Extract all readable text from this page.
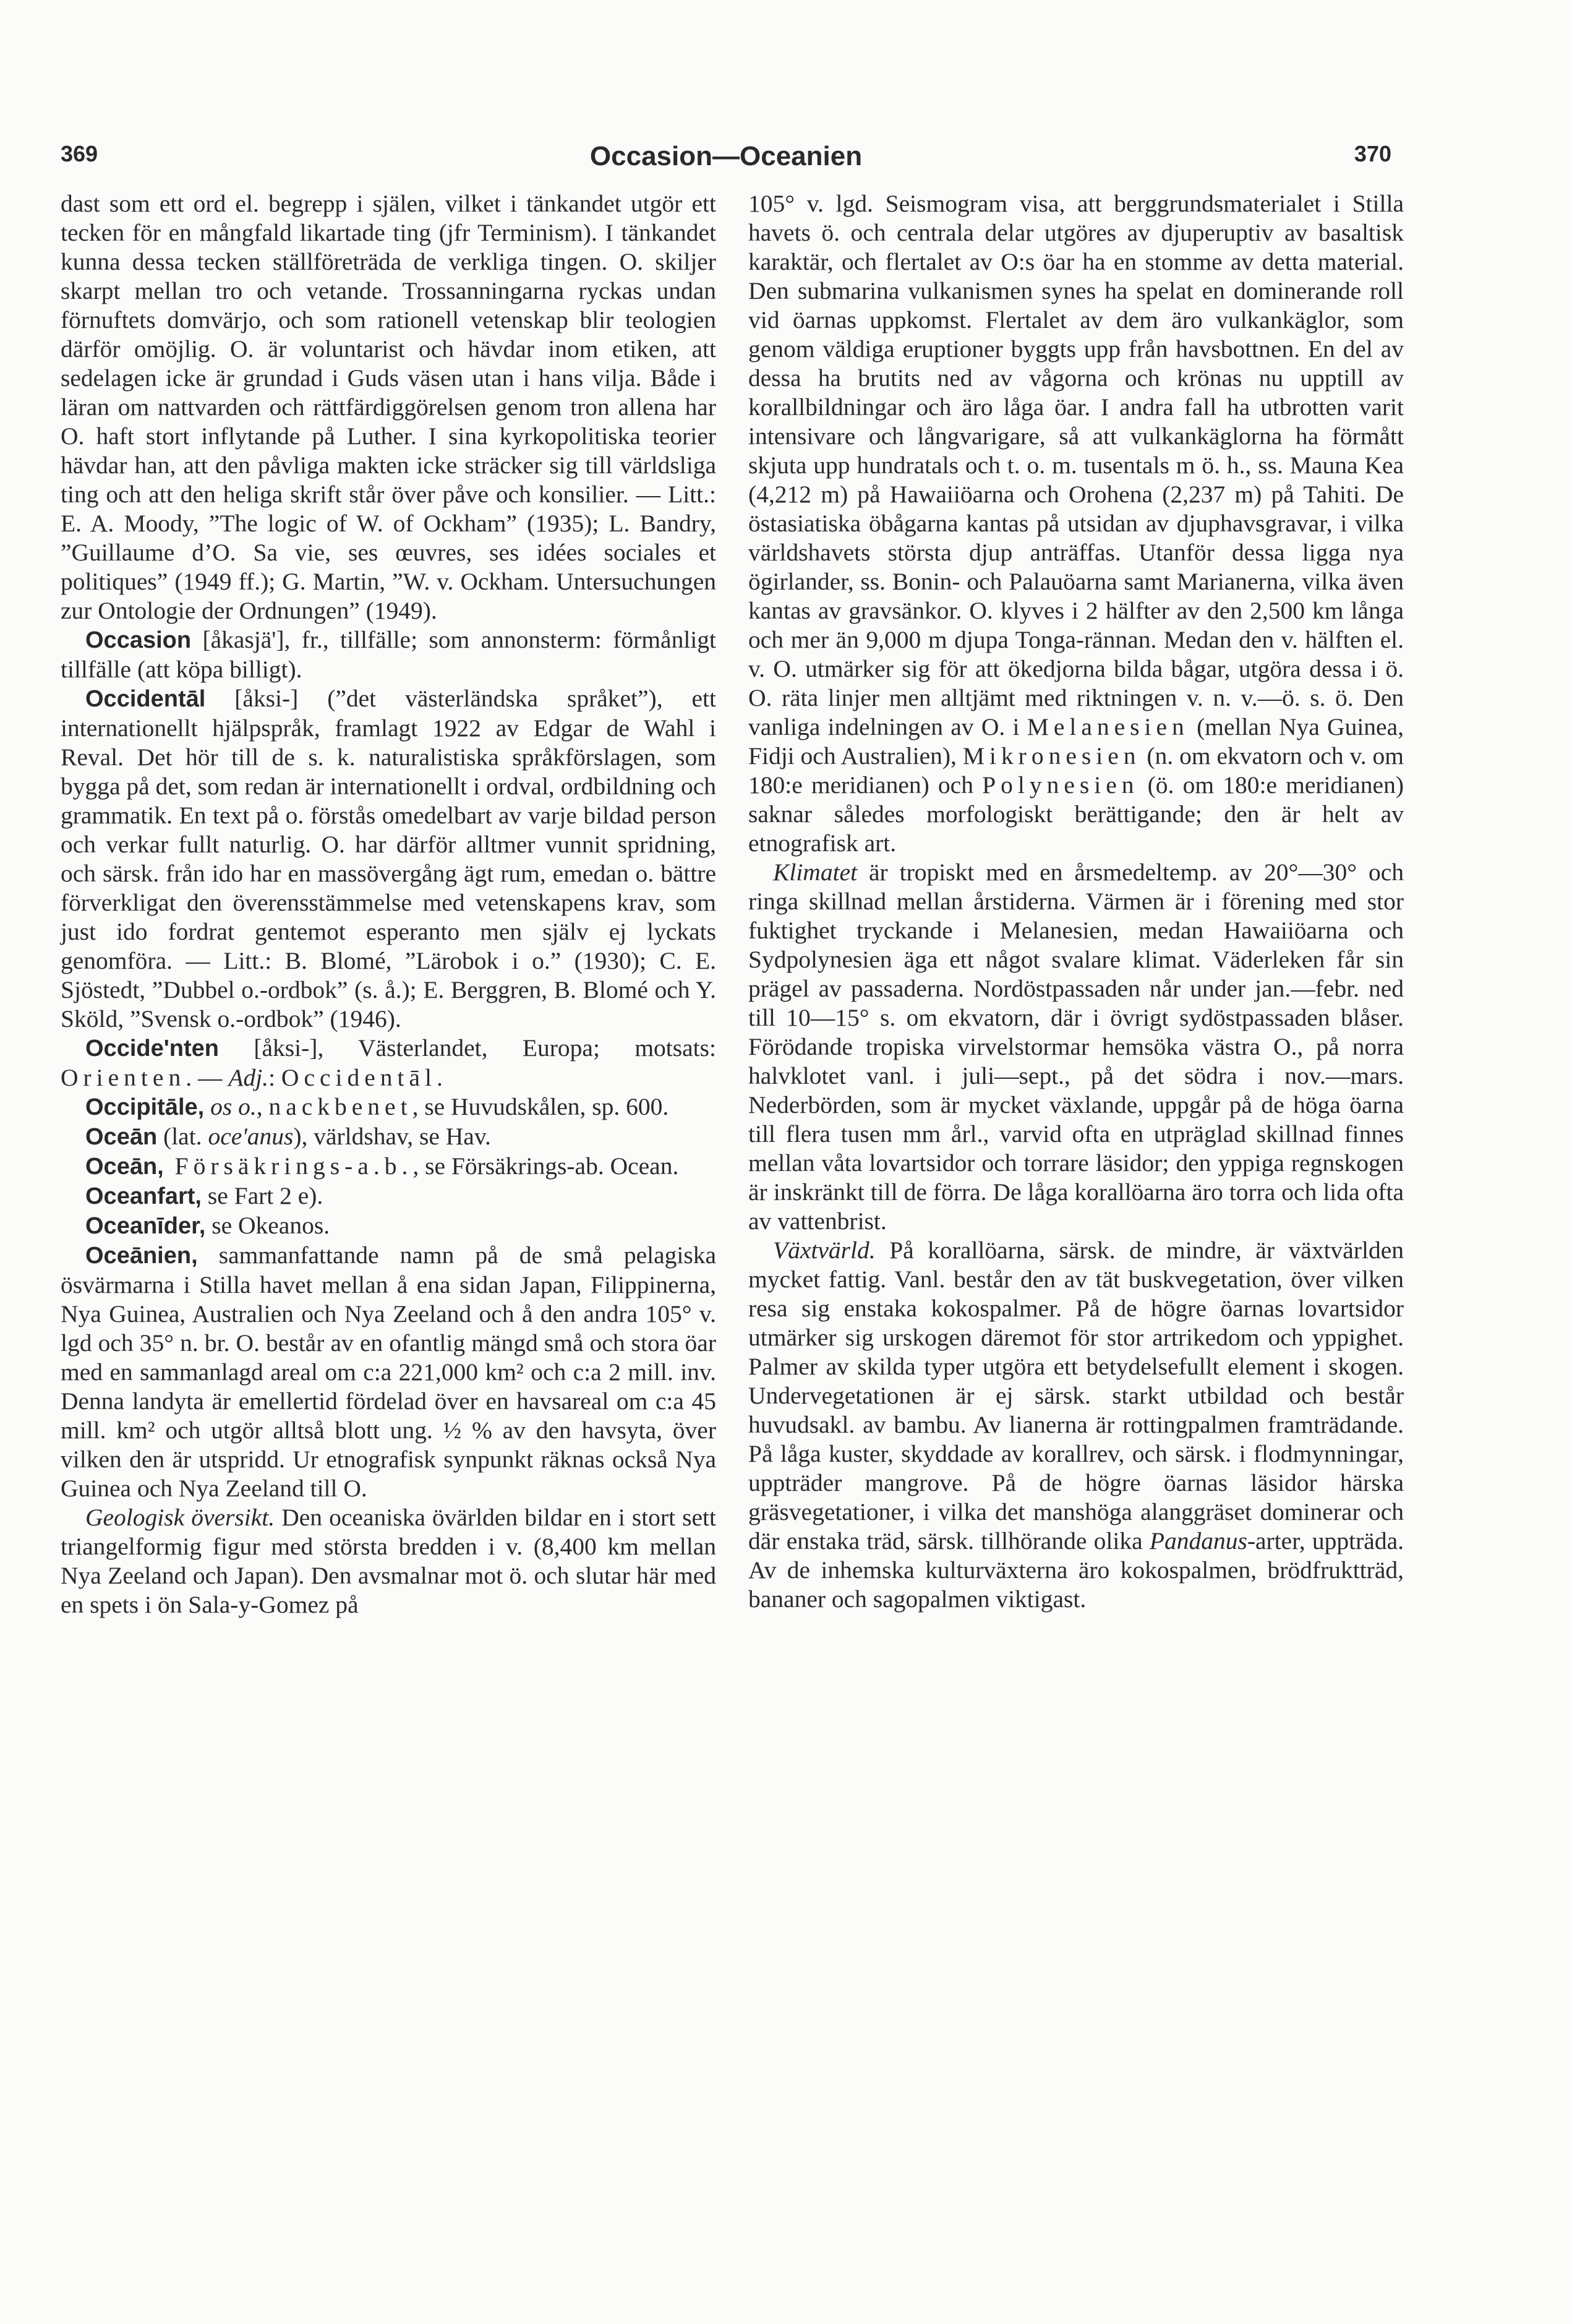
369	Occasion—Oceanien	370

dast som ett ord el. begrepp i själen, vilket i tänkandet utgör ett tecken för en mångfald likartade ting (jfr Terminism). I tänkandet kunna dessa tecken ställföreträda de verkliga tingen. O. skiljer skarpt mellan tro och vetande. Trossanningarna ryckas undan förnuftets domvärjo, och som rationell vetenskap blir teologien därför omöjlig. O. är voluntarist och hävdar inom etiken, att sedelagen icke är grundad i Guds väsen utan i hans vilja. Både i läran om nattvarden och rättfärdiggörelsen genom tron allena har O. haft stort inflytande på Luther. I sina kyrkopolitiska teorier hävdar han, att den påvliga makten icke sträcker sig till världsliga ting och att den heliga skrift står över påve och konsilier. — Litt.: E. A. Moody, ”The logic of W. of Ockham” (1935); L. Bandry, ”Guillaume d’O. Sa vie, ses œuvres, ses idées sociales et politiques” (1949 ff.); G. Martin, ”W. v. Ockham. Untersuchungen zur Ontologie der Ordnungen” (1949).

Occasion [åkasjä'], fr., tillfälle; som annonsterm: förmånligt tillfälle (att köpa billigt).

Occidentāl [åksi-] (”det västerländska språket”), ett internationellt hjälpspråk, framlagt 1922 av Edgar de Wahl i Reval. Det hör till de s. k. naturalistiska språkförslagen, som bygga på det, som redan är internationellt i ordval, ordbildning och grammatik. En text på o. förstås omedelbart av varje bildad person och verkar fullt naturlig. O. har därför alltmer vunnit spridning, och särsk. från ido har en massövergång ägt rum, emedan o. bättre förverkligat den överensstämmelse med vetenskapens krav, som just ido fordrat gentemot esperanto men själv ej lyckats genomföra. — Litt.: B. Blomé, ”Lärobok i o.” (1930); C. E. Sjöstedt, ”Dubbel o.-ordbok” (s. å.); E. Berggren, B. Blomé och Y. Sköld, ”Svensk o.-ordbok” (1946).

Occide'nten [åksi-], Västerlandet, Europa; motsats: Orienten. — Adj.: Occidentāl.

Occipitāle, os o., nackbenet, se Huvudskålen, sp. 600.

Oceān (lat. oce'anus), världshav, se Hav.

Oceān, Försäkrings-a.b., se Försäkrings-ab. Ocean.

Oceanfart, se Fart 2 e).

Oceanīder, se Okeanos.

Oceānien, sammanfattande namn på de små pelagiska ösvärmarna i Stilla havet mellan å ena sidan Japan, Filippinerna, Nya Guinea, Australien och Nya Zeeland och å den andra 105° v. lgd och 35° n. br. O. består av en ofantlig mängd små och stora öar med en sammanlagd areal om c:a 221,000 km² och c:a 2 mill. inv. Denna landyta är emellertid fördelad över en havsareal om c:a 45 mill. km² och utgör alltså blott ung. ½ % av den havsyta, över vilken den är utspridd. Ur etnografisk synpunkt räknas också Nya Guinea och Nya Zeeland till O.

Geologisk översikt. Den oceaniska övärlden bildar en i stort sett triangelformig figur med största bredden i v. (8,400 km mellan Nya Zeeland och Japan). Den avsmalnar mot ö. och slutar här med en spets i ön Sala-y-Gomez på

105° v. lgd. Seismogram visa, att berggrundsmaterialet i Stilla havets ö. och centrala delar utgöres av djuperuptiv av basaltisk karaktär, och flertalet av O:s öar ha en stomme av detta material. Den submarina vulkanismen synes ha spelat en dominerande roll vid öarnas uppkomst. Flertalet av dem äro vulkankäglor, som genom väldiga eruptioner byggts upp från havsbottnen. En del av dessa ha brutits ned av vågorna och krönas nu upptill av korallbildningar och äro låga öar. I andra fall ha utbrotten varit intensivare och långvarigare, så att vulkankäglorna ha förmått skjuta upp hundratals och t. o. m. tusentals m ö. h., ss. Mauna Kea (4,212 m) på Hawaiiöarna och Orohena (2,237 m) på Tahiti. De östasiatiska öbågarna kantas på utsidan av djuphavsgravar, i vilka världshavets största djup anträffas. Utanför dessa ligga nya ögirlander, ss. Bonin- och Palauöarna samt Marianerna, vilka även kantas av gravsänkor. O. klyves i 2 hälfter av den 2,500 km långa och mer än 9,000 m djupa Tonga-rännan. Medan den v. hälften el. v. O. utmärker sig för att ökedjorna bilda bågar, utgöra dessa i ö. O. räta linjer men alltjämt med riktningen v. n. v.—ö. s. ö. Den vanliga indelningen av O. i Melanesien (mellan Nya Guinea, Fidji och Australien), Mikronesien (n. om ekvatorn och v. om 180:e meridianen) och Polynesien (ö. om 180:e meridianen) saknar således morfologiskt berättigande; den är helt av etnografisk art.

Klimatet är tropiskt med en årsmedeltemp. av 20°—30° och ringa skillnad mellan årstiderna. Värmen är i förening med stor fuktighet tryckande i Melanesien, medan Hawaiiöarna och Sydpolynesien äga ett något svalare klimat. Väderleken får sin prägel av passaderna. Nordöstpassaden når under jan.—febr. ned till 10—15° s. om ekvatorn, där i övrigt sydöstpassaden blåser. Förödande tropiska virvelstormar hemsöka västra O., på norra halvklotet vanl. i juli—sept., på det södra i nov.—mars. Nederbörden, som är mycket växlande, uppgår på de höga öarna till flera tusen mm årl., varvid ofta en utpräglad skillnad finnes mellan våta lovartsidor och torrare läsidor; den yppiga regnskogen är inskränkt till de förra. De låga korallöarna äro torra och lida ofta av vattenbrist.

Växtvärld. På korallöarna, särsk. de mindre, är växtvärlden mycket fattig. Vanl. består den av tät buskvegetation, över vilken resa sig enstaka kokospalmer. På de högre öarnas lovartsidor utmärker sig urskogen däremot för stor artrikedom och yppighet. Palmer av skilda typer utgöra ett betydelsefullt element i skogen. Undervegetationen är ej särsk. starkt utbildad och består huvudsakl. av bambu. Av lianerna är rottingpalmen framträdande. På låga kuster, skyddade av korallrev, och särsk. i flodmynningar, uppträder mangrove. På de högre öarnas läsidor härska gräsvegetationer, i vilka det manshöga alanggräset dominerar och där enstaka träd, särsk. tillhörande olika Pandanus-arter, uppträda. Av de inhemska kulturväxterna äro kokospalmen, brödfruktträd, bananer och sagopalmen viktigast.
